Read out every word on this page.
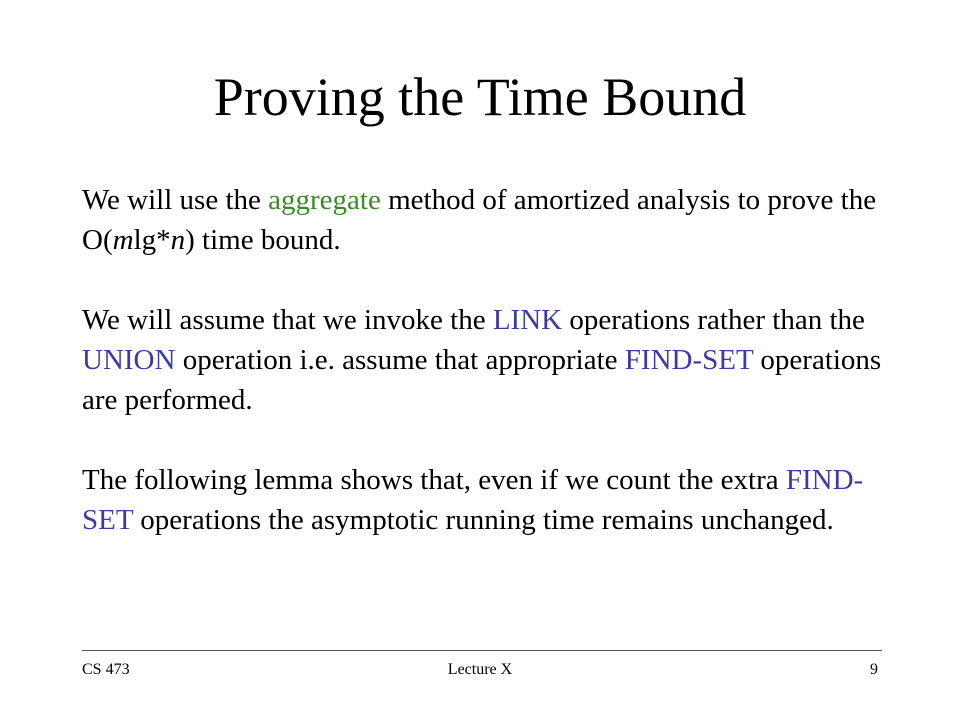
Proving the Time Bound

We will use the aggregate method of amortized analysis to prove the O(mlg*n) time bound.

We will assume that we invoke the LINK operations rather than the UNION operation i.e. assume that appropriate FIND-SET operations are performed.

The following lemma shows that, even if we count the extra FIND-SET operations the asymptotic running time remains unchanged.

CS 473	Lecture X	9
